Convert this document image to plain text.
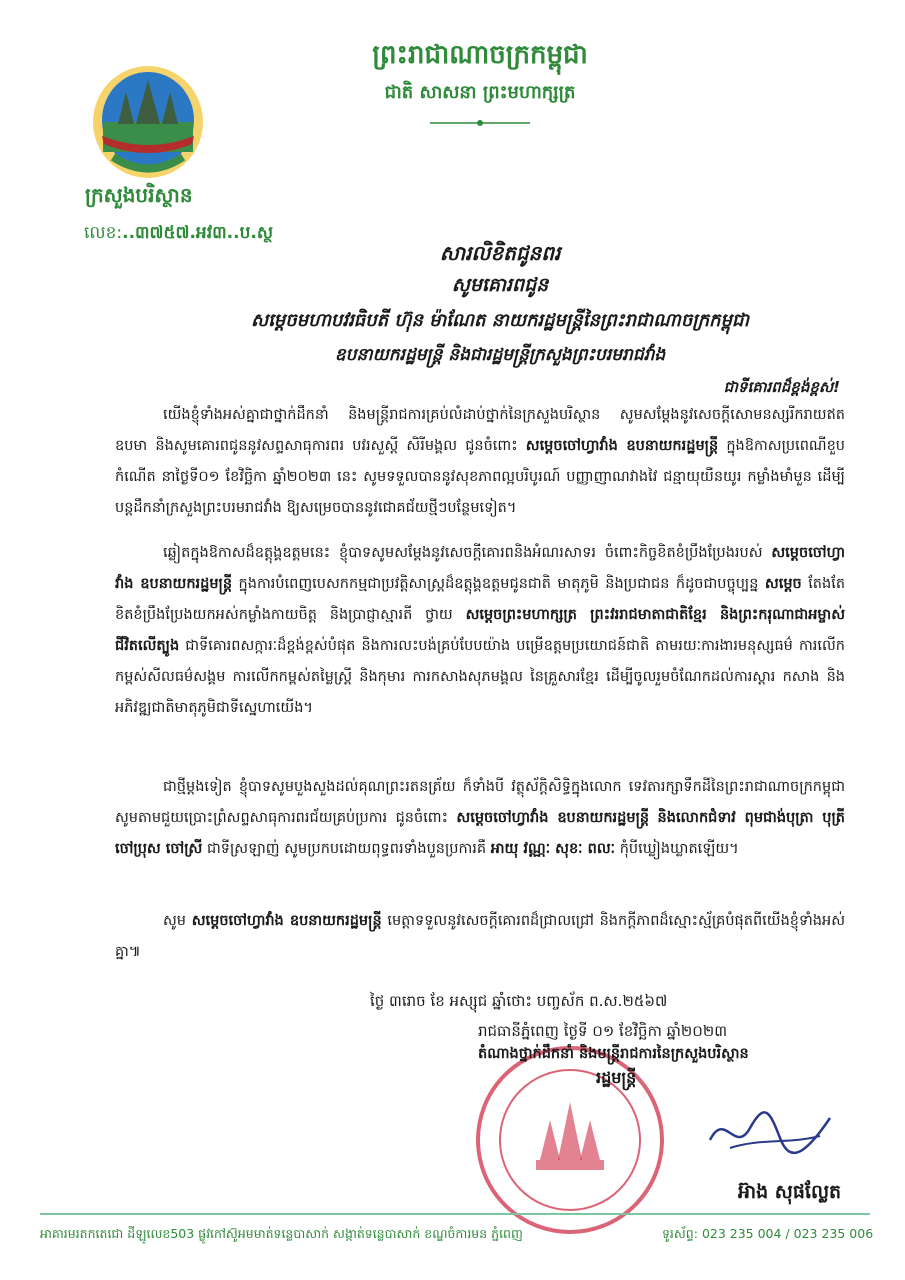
ព្រះរាជាណាចក្រកម្ពុជា
ជាតិ សាសនា ព្រះមហាក្សត្រ
ក្រសួងបរិស្ថាន
លេខ:..៣៧៥៧.អវ៣..ប.ស្ថ
សារលិខិតជូនពរ
សូមគោរពជូន
សម្តេចមហាបវរធិបតី ហ៊ុន ម៉ាណែត នាយករដ្ឋមន្ត្រីនៃព្រះរាជាណាចក្រកម្ពុជា
ឧបនាយករដ្ឋមន្ត្រី និងជារដ្ឋមន្ត្រីក្រសួងព្រះបរមរាជវាំង
ជាទីគោរពដ៏ខ្ពង់ខ្ពស់!
យើងខ្ញុំទាំងអស់គ្នាជាថ្នាក់ដឹកនាំ និងមន្ត្រីរាជការគ្រប់លំដាប់ថ្នាក់នៃក្រសួងបរិស្ថាន សូមសម្តែងនូវសេចក្តីសោមនស្សរីករាយឥតឧបមា និងសូមគោរពជូននូវសព្ទសាធុការពរ បវរសួស្តី សិរីមង្គល ជូនចំពោះ សម្តេចចៅហ្វាវាំង ឧបនាយករដ្ឋមន្ត្រី ក្នុងឱកាសប្រពេណីខួបកំណើត នាថ្ងៃទី០១ ខែវិច្ឆិកា ឆ្នាំ២០២៣ នេះ សូមទទួលបាននូវសុខភាពល្អបរិបូរណ៍ បញ្ញាញាណវាងវៃ ជន្មាយុយឺនយូរ កម្លាំងមាំមួន ដើម្បីបន្តដឹកនាំក្រសួងព្រះបរមរាជវាំង ឱ្យសម្រេចបាននូវជោគជ័យថ្មីៗបន្ថែមទៀត។
ឆ្លៀតក្នុងឱកាសដ៏ឧត្តុង្គឧត្តមនេះ ខ្ញុំបាទសូមសម្តែងនូវសេចក្តីគោរពនិងអំណរសាទរ ចំពោះកិច្ចខិតខំប្រឹងប្រែងរបស់ សម្តេចចៅហ្វាវាំង ឧបនាយករដ្ឋមន្ត្រី ក្នុងការបំពេញបេសកកម្មជាប្រវត្តិសាស្ត្រដ៏ឧត្តុង្គឧត្តមជូនជាតិ មាតុភូមិ និងប្រជាជន ក៏ដូចជាបច្ចុប្បន្ន សម្តេច តែងតែខិតខំប្រឹងប្រែងយកអស់កម្លាំងកាយចិត្ត និងប្រាជ្ញាស្មារតី ថ្វាយ សម្តេចព្រះមហាក្សត្រ ព្រះវររាជមាតាជាតិខ្មែរ និងព្រះករុណាជាអម្ចាស់ជីវិតលើត្បូង ជាទីគោរពសក្ការៈដ៏ខ្ពង់ខ្ពស់បំផុត និងការលះបង់គ្រប់បែបយ៉ាង បម្រើឧត្តមប្រយោជន៍ជាតិ តាមរយៈការងារមនុស្សធម៌ ការលើកកម្ពស់សីលធម៌សង្គម ការលើកកម្ពស់តម្លៃស្ត្រី និងកុមារ ការកសាងសុភមង្គល នៃគ្រួសារខ្មែរ ដើម្បីចូលរួមចំណែកដល់ការស្តារ កសាង និងអភិវឌ្ឍជាតិមាតុភូមិជាទីស្នេហាយើង។
ជាថ្មីម្តងទៀត ខ្ញុំបាទសូមបួងសួងដល់គុណព្រះរតនត្រ័យ ក៏ទាំងបី វត្ថុស័ក្តិសិទ្ធិក្នុងលោក ទេវតារក្សាទឹកដីនៃព្រះរាជាណាចក្រកម្ពុជា សូមតាមជួយប្រោះព្រំសព្ទសាធុការពរជ័យគ្រប់ប្រការ ជូនចំពោះ សម្តេចចៅហ្វាវាំង ឧបនាយករដ្ឋមន្ត្រី និងលោកជំទាវ ពុមជាង់បុត្រា បុត្រី ចៅប្រុស ចៅស្រី ជាទីស្រឡាញ់ សូមប្រកបដោយពុទ្ធពរទាំងបួនប្រការគឺ អាយុ វណ្ណៈ សុខៈ ពលៈ កុំបីឃ្លៀងឃ្លាតឡើយ។
សូម សម្តេចចៅហ្វាវាំង ឧបនាយករដ្ឋមន្ត្រី មេត្តាទទួលនូវសេចក្តីគោរពដ៏ជ្រាលជ្រៅ និងកក្តីភាពដ៏ស្មោះស្ម័គ្របំផុតពីយើងខ្ញុំទាំងអស់គ្នា៕
ថ្ងៃ ៣រោច ខែ អស្សុជ ឆ្នាំថោះ បញ្ចស័ក ព.ស.២៥៦៧
រាជធានីភ្នំពេញ ថ្ងៃទី ០១ ខែវិច្ឆិកា ឆ្នាំ២០២៣
តំណាងថ្នាក់ដឹកនាំ និងមន្ត្រីរាជការនៃក្រសួងបរិស្ថាន
រដ្ឋមន្ត្រី
អ៊ាង សុផលែ្លត
អាគារមរតកតេជោ ដីឡូលេខ503 ផ្លូវកៅស៊ូអមមាត់ទន្លេបាសាក់ សង្កាត់ទន្លេបាសាក់ ខណ្ឌចំការមន ភ្នំពេញ	ទូរស័ព្ទ: 023 235 004 / 023 235 006
